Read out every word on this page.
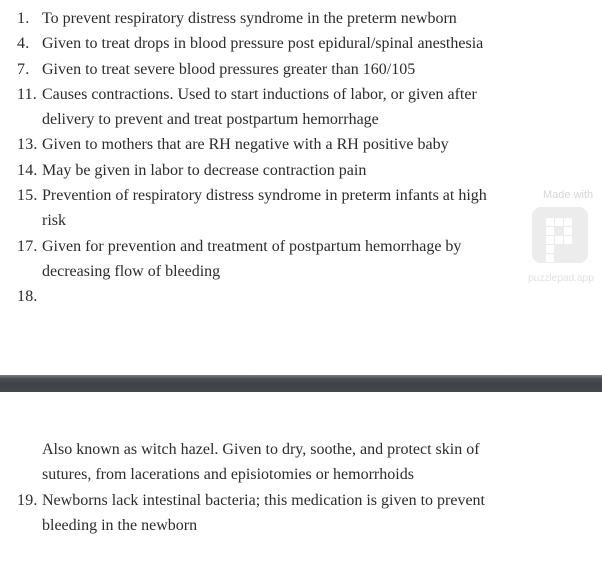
1. To prevent respiratory distress syndrome in the preterm newborn
4. Given to treat drops in blood pressure post epidural/spinal anesthesia
7. Given to treat severe blood pressures greater than 160/105
11. Causes contractions. Used to start inductions of labor, or given after
delivery to prevent and treat postpartum hemorrhage
13. Given to mothers that are RH negative with a RH positive baby
14. May be given in labor to decrease contraction pain
15. Prevention of respiratory distress syndrome in preterm infants at high
risk
17. Given for prevention and treatment of postpartum hemorrhage by
decreasing flow of bleeding
18.
Also known as witch hazel. Given to dry, soothe, and protect skin of
sutures, from lacerations and episiotomies or hemorrhoids
19. Newborns lack intestinal bacteria; this medication is given to prevent
bleeding in the newborn
Made with
puzzlepad.app
